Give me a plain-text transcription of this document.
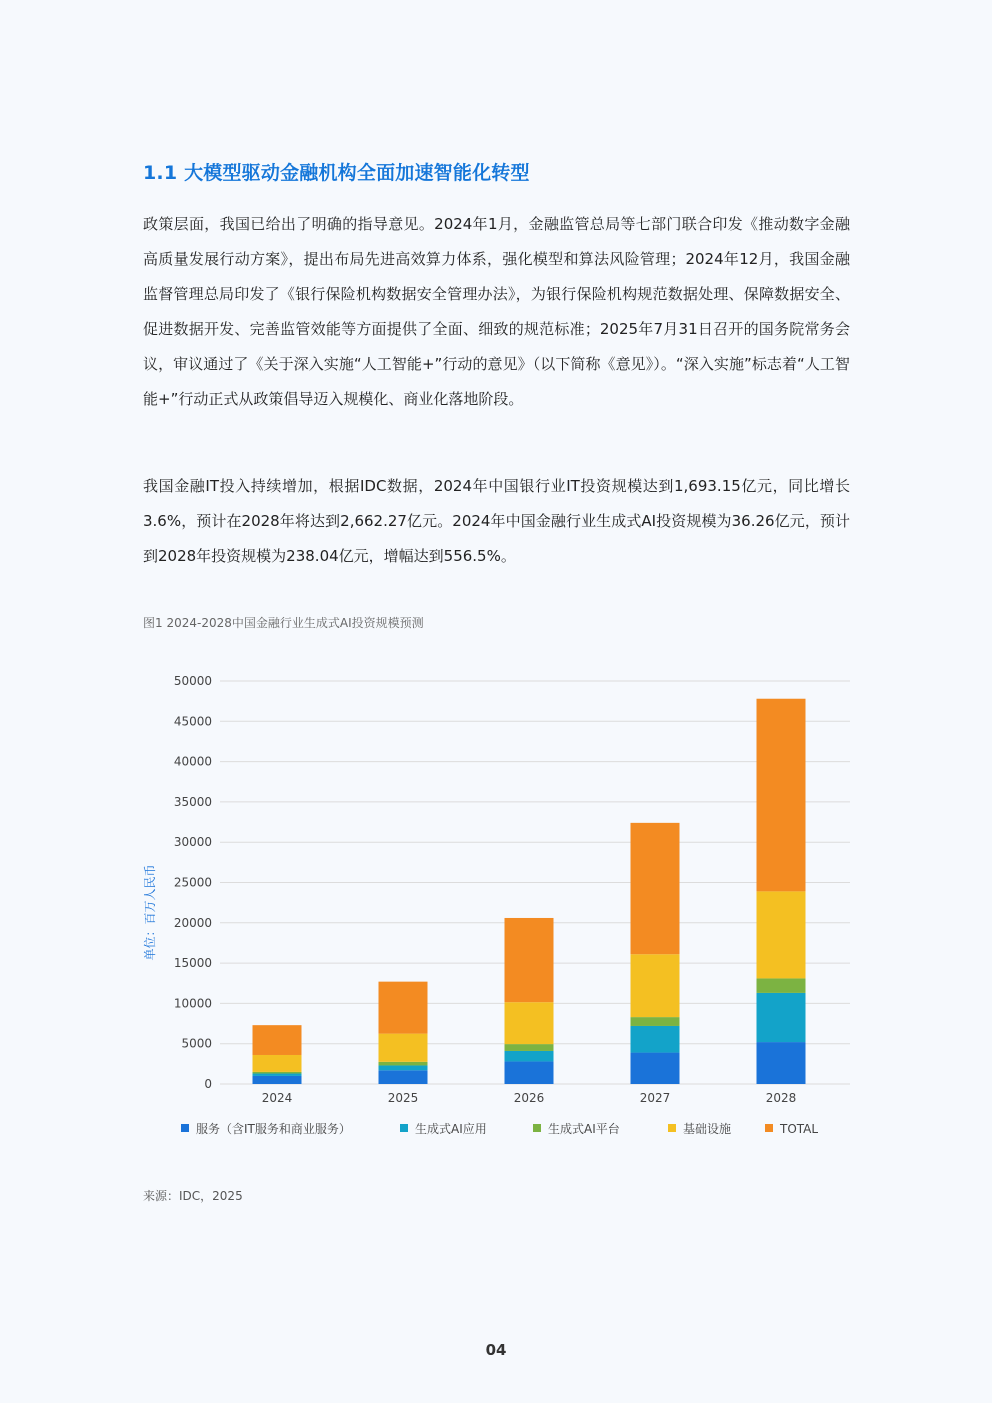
1.1 大模型驱动金融机构全面加速智能化转型

政策层面，我国已给出了明确的指导意见。2024年1月，金融监管总局等七部门联合印发《推动数字金融高质量发展行动方案》，提出布局先进高效算力体系，强化模型和算法风险管理；2024年12月，我国金融监督管理总局印发了《银行保险机构数据安全管理办法》，为银行保险机构规范数据处理、保障数据安全、促进数据开发、完善监管效能等方面提供了全面、细致的规范标准；2025年7月31日召开的国务院常务会议，审议通过了《关于深入实施“人工智能+”行动的意见》（以下简称《意见》）。“深入实施”标志着“人工智能+”行动正式从政策倡导迈入规模化、商业化落地阶段。

我国金融IT投入持续增加，根据IDC数据，2024年中国银行业IT投资规模达到1,693.15亿元，同比增长3.6%，预计在2028年将达到2,662.27亿元。2024年中国金融行业生成式AI投资规模为36.26亿元，预计到2028年投资规模为238.04亿元，增幅达到556.5%。

图1 2024-2028中国金融行业生成式AI投资规模预测
0
5000
10000
15000
20000
25000
30000
35000
40000
45000
50000
单位：百万人民币
2024	2025	2026	2027	2028
服务（含IT服务和商业服务）	生成式AI应用	生成式AI平台	基础设施	TOTAL
来源：IDC，2025
04
